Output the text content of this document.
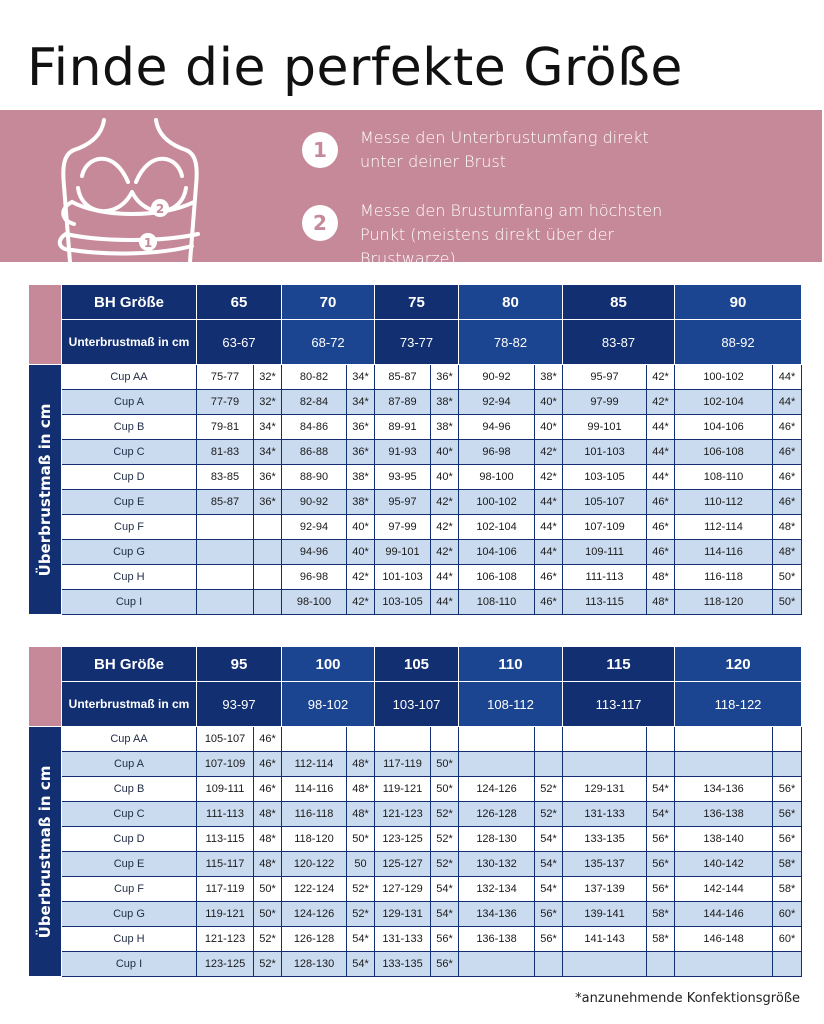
Finde die perfekte Größe
2
1
1
Messe den Unterbrustumfang direkt unter deiner Brust
2
Messe den Brustumfang am höchsten Punkt (meistens direkt über der Brustwarze)
	BH Größe	65		70		75		80		85		90	
	Unterbrustmaß in cm	63-67		68-72		73-77		78-82		83-87		88-92	

Überbrustmaß in cm	Cup AA	75-77	32*	80-82	34*	85-87	36*	90-92	38*	95-97	42*	100-102	44*
	Cup A	77-79	32*	82-84	34*	87-89	38*	92-94	40*	97-99	42*	102-104	44*
	Cup B	79-81	34*	84-86	36*	89-91	38*	94-96	40*	99-101	44*	104-106	46*
	Cup C	81-83	34*	86-88	36*	91-93	40*	96-98	42*	101-103	44*	106-108	46*
	Cup D	83-85	36*	88-90	38*	93-95	40*	98-100	42*	103-105	44*	108-110	46*
	Cup E	85-87	36*	90-92	38*	95-97	42*	100-102	44*	105-107	46*	110-112	46*
	Cup F			92-94	40*	97-99	42*	102-104	44*	107-109	46*	112-114	48*
	Cup G			94-96	40*	99-101	42*	104-106	44*	109-111	46*	114-116	48*
	Cup H			96-98	42*	101-103	44*	106-108	46*	111-113	48*	116-118	50*
	Cup I			98-100	42*	103-105	44*	108-110	46*	113-115	48*	118-120	50*
	BH Größe	95		100		105		110		115		120	
	Unterbrustmaß in cm	93-97		98-102		103-107		108-112		113-117		118-122	

Überbrustmaß in cm	Cup AA	105-107	46*										
	Cup A	107-109	46*	112-114	48*	117-119	50*						
	Cup B	109-111	46*	114-116	48*	119-121	50*	124-126	52*	129-131	54*	134-136	56*
	Cup C	111-113	48*	116-118	48*	121-123	52*	126-128	52*	131-133	54*	136-138	56*
	Cup D	113-115	48*	118-120	50*	123-125	52*	128-130	54*	133-135	56*	138-140	56*
	Cup E	115-117	48*	120-122	50	125-127	52*	130-132	54*	135-137	56*	140-142	58*
	Cup F	117-119	50*	122-124	52*	127-129	54*	132-134	54*	137-139	56*	142-144	58*
	Cup G	119-121	50*	124-126	52*	129-131	54*	134-136	56*	139-141	58*	144-146	60*
	Cup H	121-123	52*	126-128	54*	131-133	56*	136-138	56*	141-143	58*	146-148	60*
	Cup I	123-125	52*	128-130	54*	133-135	56*						
*anzunehmende Konfektionsgröße
